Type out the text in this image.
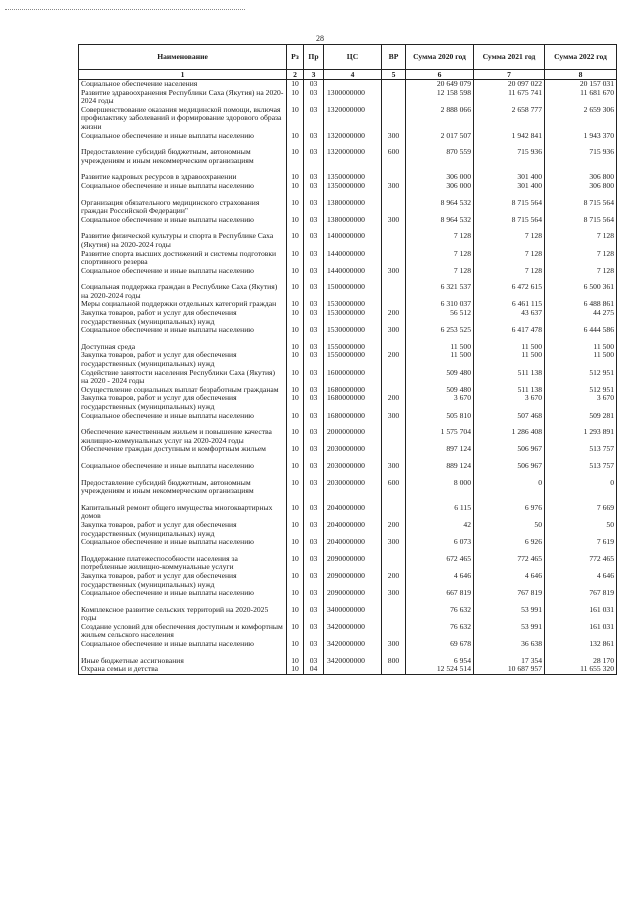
28
Наименование	Рз	Пр	ЦС	ВР	Сумма 2020 год	Сумма 2021 год	Сумма 2022 год
1	2	3	4	5	6	7	8
Социальное обеспечение населения	10	03			20 649 079	20 097 022	20 157 031
Развитие здравоохранения Республики Саха (Якутия) на 2020-2024 годы	10	03	1300000000		12 158 598	11 675 741	11 681 670
Совершенствование оказания медицинской помощи, включая профилактику заболеваний и формирование здорового образа жизни	10	03	1320000000		2 888 066	2 658 777	2 659 306
Социальное обеспечение и иные выплаты населению	10	03	1320000000	300	2 017 507	1 942 841	1 943 370

Предоставление субсидий бюджетным, автономным учреждениям и иным некоммерческим организациям	10	03	1320000000	600	870 559	715 936	715 936

Развитие кадровых ресурсов в здравоохранении	10	03	1350000000		306 000	301 400	306 800
Социальное обеспечение и иные выплаты населению	10	03	1350000000	300	306 000	301 400	306 800

Организация обязательного медицинского страхования граждан Российской Федерации"	10	03	1380000000		8 964 532	8 715 564	8 715 564
Социальное обеспечение и иные выплаты населению	10	03	1380000000	300	8 964 532	8 715 564	8 715 564

Развитие физической культуры и спорта в Республике Саха (Якутия) на 2020-2024 годы	10	03	1400000000		7 128	7 128	7 128
Развитие спорта высших достижений и системы подготовки спортивного резерва	10	03	1440000000		7 128	7 128	7 128
Социальное обеспечение и иные выплаты населению	10	03	1440000000	300	7 128	7 128	7 128

Социальная поддержка граждан в Республике Саха (Якутия) на 2020-2024 годы	10	03	1500000000		6 321 537	6 472 615	6 500 361
Меры социальной поддержки отдельных категорий граждан	10	03	1530000000		6 310 037	6 461 115	6 488 861
Закупка товаров, работ и услуг для обеспечения государственных (муниципальных) нужд	10	03	1530000000	200	56 512	43 637	44 275
Социальное обеспечение и иные выплаты населению	10	03	1530000000	300	6 253 525	6 417 478	6 444 586

Доступная среда	10	03	1550000000		11 500	11 500	11 500
Закупка товаров, работ и услуг для обеспечения государственных (муниципальных) нужд	10	03	1550000000	200	11 500	11 500	11 500
Содействие занятости населения Республики Саха (Якутия) на 2020 - 2024 годы	10	03	1600000000		509 480	511 138	512 951
Осуществление социальных выплат безработным гражданам	10	03	1680000000		509 480	511 138	512 951
Закупка товаров, работ и услуг для обеспечения государственных (муниципальных) нужд	10	03	1680000000	200	3 670	3 670	3 670
Социальное обеспечение и иные выплаты населению	10	03	1680000000	300	505 810	507 468	509 281

Обеспечение качественным жильем и повышение качества жилищно-коммунальных услуг на 2020-2024 годы	10	03	2000000000		1 575 704	1 286 408	1 293 891
Обеспечение граждан доступным и комфортным жильем	10	03	2030000000		897 124	506 967	513 757

Социальное обеспечение и иные выплаты населению	10	03	2030000000	300	889 124	506 967	513 757

Предоставление субсидий бюджетным, автономным учреждениям и иным некоммерческим организациям	10	03	2030000000	600	8 000	0	0

Капитальный ремонт общего имущества многоквартирных домов	10	03	2040000000		6 115	6 976	7 669
Закупка товаров, работ и услуг для обеспечения государственных (муниципальных) нужд	10	03	2040000000	200	42	50	50
Социальное обеспечение и иные выплаты населению	10	03	2040000000	300	6 073	6 926	7 619

Поддержание платежеспособности населения за потребленные жилищно-коммунальные услуги	10	03	2090000000		672 465	772 465	772 465
Закупка товаров, работ и услуг для обеспечения государственных (муниципальных) нужд	10	03	2090000000	200	4 646	4 646	4 646
Социальное обеспечение и иные выплаты населению	10	03	2090000000	300	667 819	767 819	767 819

Комплексное развитие сельских территорий на 2020-2025 годы	10	03	3400000000		76 632	53 991	161 031
Создание условий для обеспечения доступным и комфортным жильем сельского населения	10	03	3420000000		76 632	53 991	161 031
Социальное обеспечение и иные выплаты населению	10	03	3420000000	300	69 678	36 638	132 861

Иные бюджетные ассигнования	10	03	3420000000	800	6 954	17 354	28 170
Охрана семьи и детства	10	04			12 524 514	10 687 957	11 655 320
